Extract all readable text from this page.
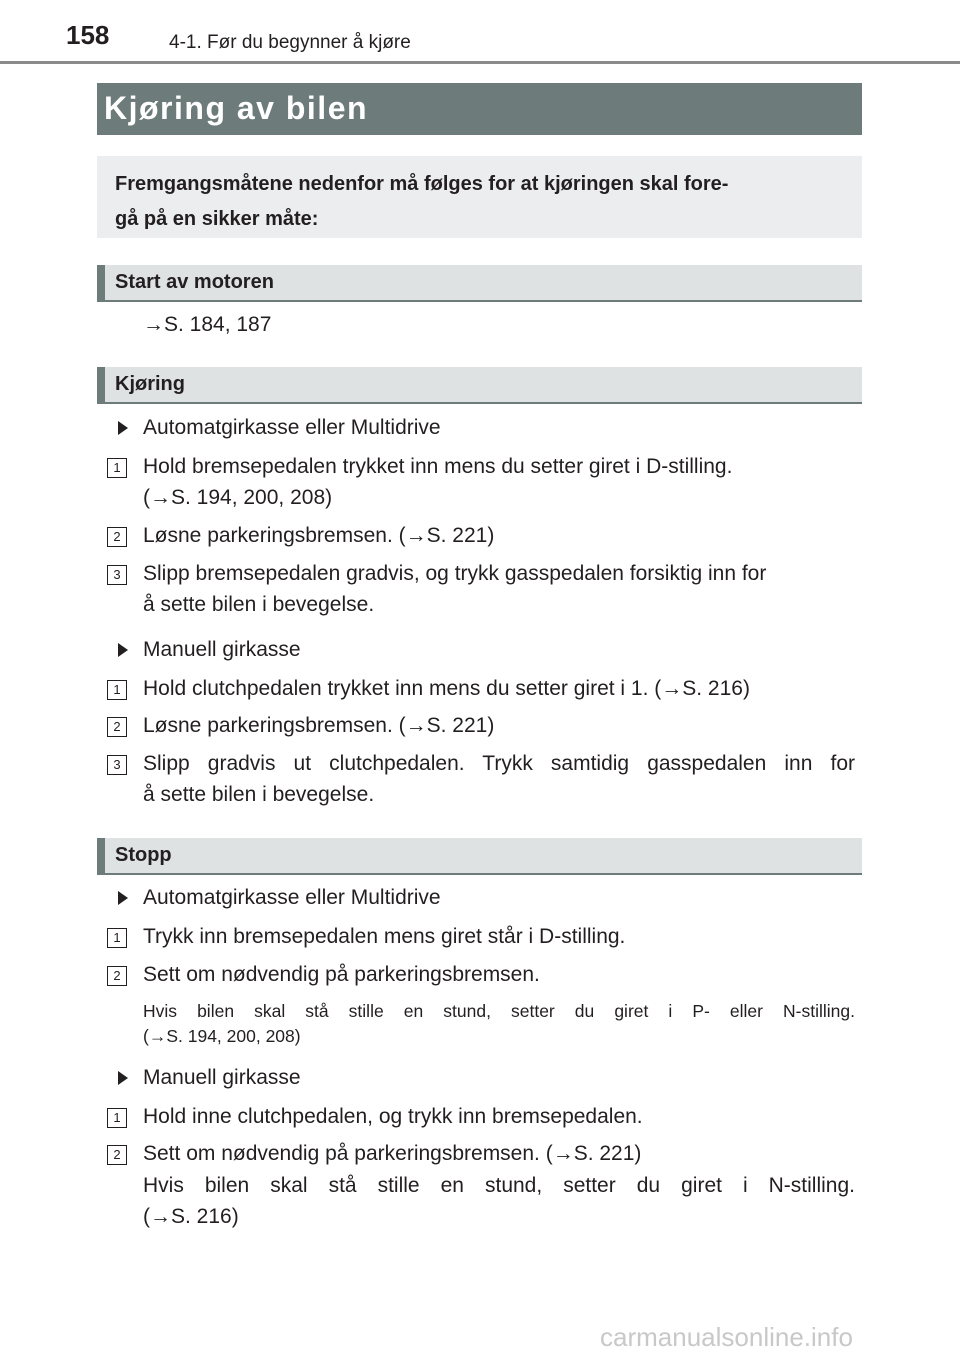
158	4-1. Før du begynner å kjøre
Kjøring av bilen
Fremgangsmåtene nedenfor må følges for at kjøringen skal fore-
gå på en sikker måte:
Start av motoren
→S. 184, 187
Kjøring
Automatgirkasse eller Multidrive
1	Hold bremsepedalen trykket inn mens du setter giret i D-stilling.
(→S. 194, 200, 208)
2	Løsne parkeringsbremsen. (→S. 221)
3	Slipp bremsepedalen gradvis, og trykk gasspedalen forsiktig inn for
å sette bilen i bevegelse.
Manuell girkasse
1	Hold clutchpedalen trykket inn mens du setter giret i 1. (→S. 216)
2	Løsne parkeringsbremsen. (→S. 221)
3	Slipp gradvis ut clutchpedalen. Trykk samtidig gasspedalen inn for
å sette bilen i bevegelse.
Stopp
Automatgirkasse eller Multidrive
1	Trykk inn bremsepedalen mens giret står i D-stilling.
2	Sett om nødvendig på parkeringsbremsen.
Hvis bilen skal stå stille en stund, setter du giret i P- eller N-stilling.
(→S. 194, 200, 208)
Manuell girkasse
1	Hold inne clutchpedalen, og trykk inn bremsepedalen.
2	Sett om nødvendig på parkeringsbremsen. (→S. 221)
Hvis bilen skal stå stille en stund, setter du giret i N-stilling.
(→S. 216)
carmanualsonline.info
